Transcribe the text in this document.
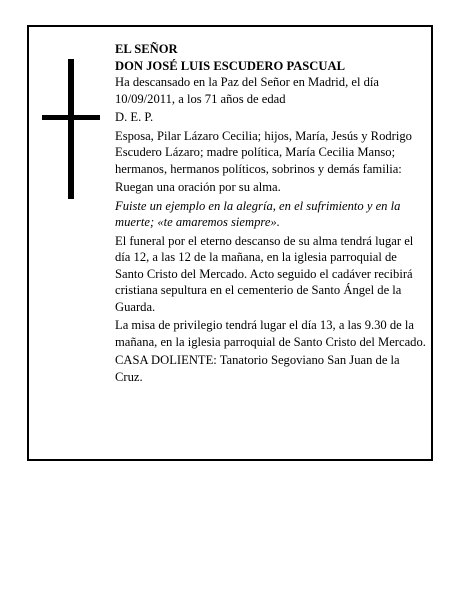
EL SEÑOR

DON JOSÉ LUIS ESCUDERO PASCUAL

Ha descansado en la Paz del Señor en Madrid, el día 10/09/2011, a los 71 años de edad

D. E. P.

Esposa, Pilar Lázaro Cecilia; hijos, María, Jesús y Rodrigo Escudero Lázaro; madre política, María Cecilia Manso; hermanos, hermanos políticos, sobrinos y demás familia:

Ruegan una oración por su alma.

Fuiste un ejemplo en la alegría, en el sufrimiento y en la muerte; «te amaremos siempre».

El funeral por el eterno descanso de su alma tendrá lugar el día 12, a las 12 de la mañana, en la iglesia parroquial de Santo Cristo del Mercado. Acto seguido el cadáver recibirá cristiana sepultura en el cementerio de Santo Ángel de la Guarda.

La misa de privilegio tendrá lugar el día 13, a las 9.30 de la mañana, en la iglesia parroquial de Santo Cristo del Mercado.

CASA DOLIENTE: Tanatorio Segoviano San Juan de la Cruz.
